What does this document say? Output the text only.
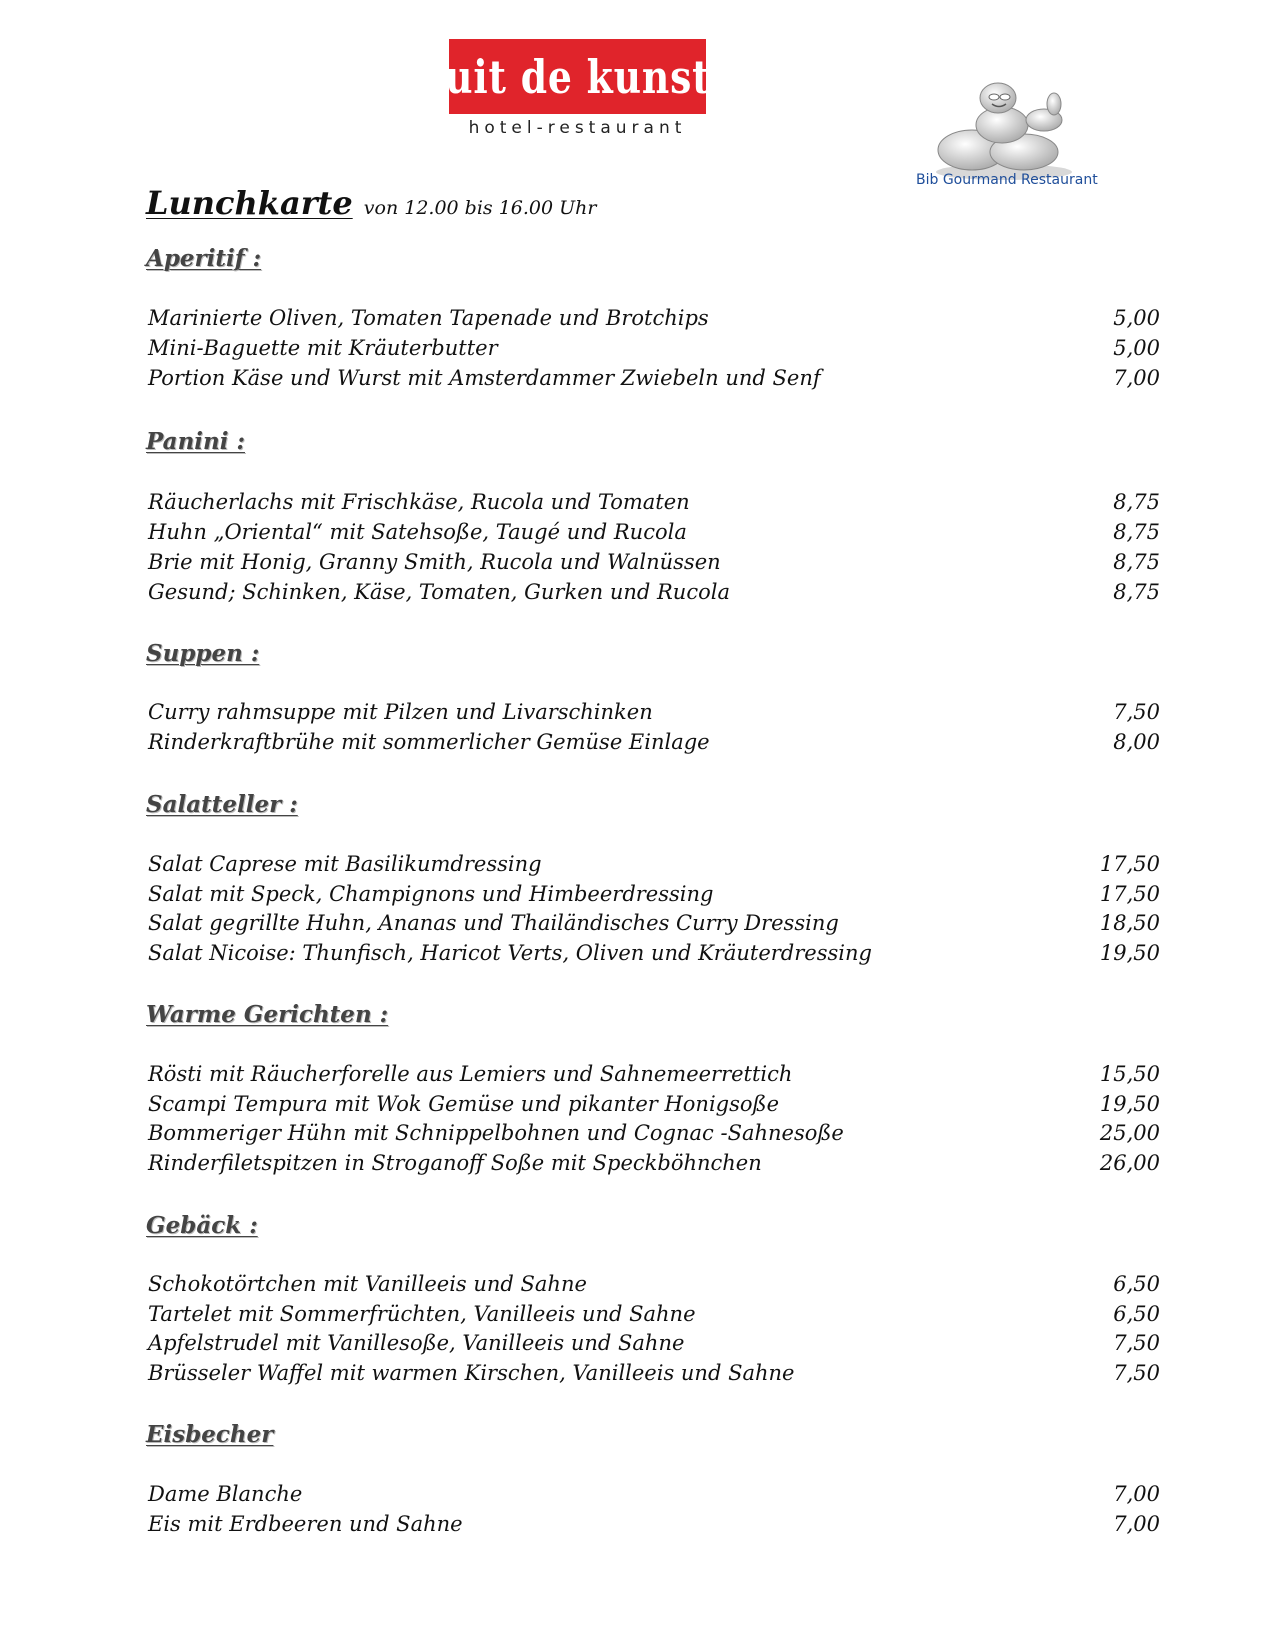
uit de kunst
hotel-restaurant
Bib Gourmand Restaurant
Lunchkarte von 12.00 bis 16.00 Uhr
Aperitif :
Marinierte Oliven, Tomaten Tapenade und Brotchips	5,00
Mini-Baguette mit Kräuterbutter	5,00
Portion Käse und Wurst mit Amsterdammer Zwiebeln und Senf	7,00
Panini :
Räucherlachs mit Frischkäse, Rucola und Tomaten	8,75
Huhn „Oriental“ mit Satehsoße, Taugé und Rucola	8,75
Brie mit Honig, Granny Smith, Rucola und Walnüssen	8,75
Gesund; Schinken, Käse, Tomaten, Gurken und Rucola	8,75
Suppen :
Curry rahmsuppe mit Pilzen und Livarschinken	7,50
Rinderkraftbrühe mit sommerlicher Gemüse Einlage	8,00
Salatteller :
Salat Caprese mit Basilikumdressing	17,50
Salat mit Speck, Champignons und Himbeerdressing	17,50
Salat gegrillte Huhn, Ananas und Thailändisches Curry Dressing	18,50
Salat Nicoise: Thunfisch, Haricot Verts, Oliven und Kräuterdressing	19,50
Warme Gerichten :
Rösti mit Räucherforelle aus Lemiers und Sahnemeerrettich	15,50
Scampi Tempura mit Wok Gemüse und pikanter Honigsoße	19,50
Bommeriger Hühn mit Schnippelbohnen und Cognac -Sahnesoße	25,00
Rinderfiletspitzen in Stroganoff Soße mit Speckböhnchen	26,00
Gebäck :
Schokotörtchen mit Vanilleeis und Sahne	6,50
Tartelet mit Sommerfrüchten, Vanilleeis und Sahne	6,50
Apfelstrudel mit Vanillesoße, Vanilleeis und Sahne	7,50
Brüsseler Waffel mit warmen Kirschen, Vanilleeis und Sahne	7,50
Eisbecher
Dame Blanche	7,00
Eis mit Erdbeeren und Sahne	7,00
